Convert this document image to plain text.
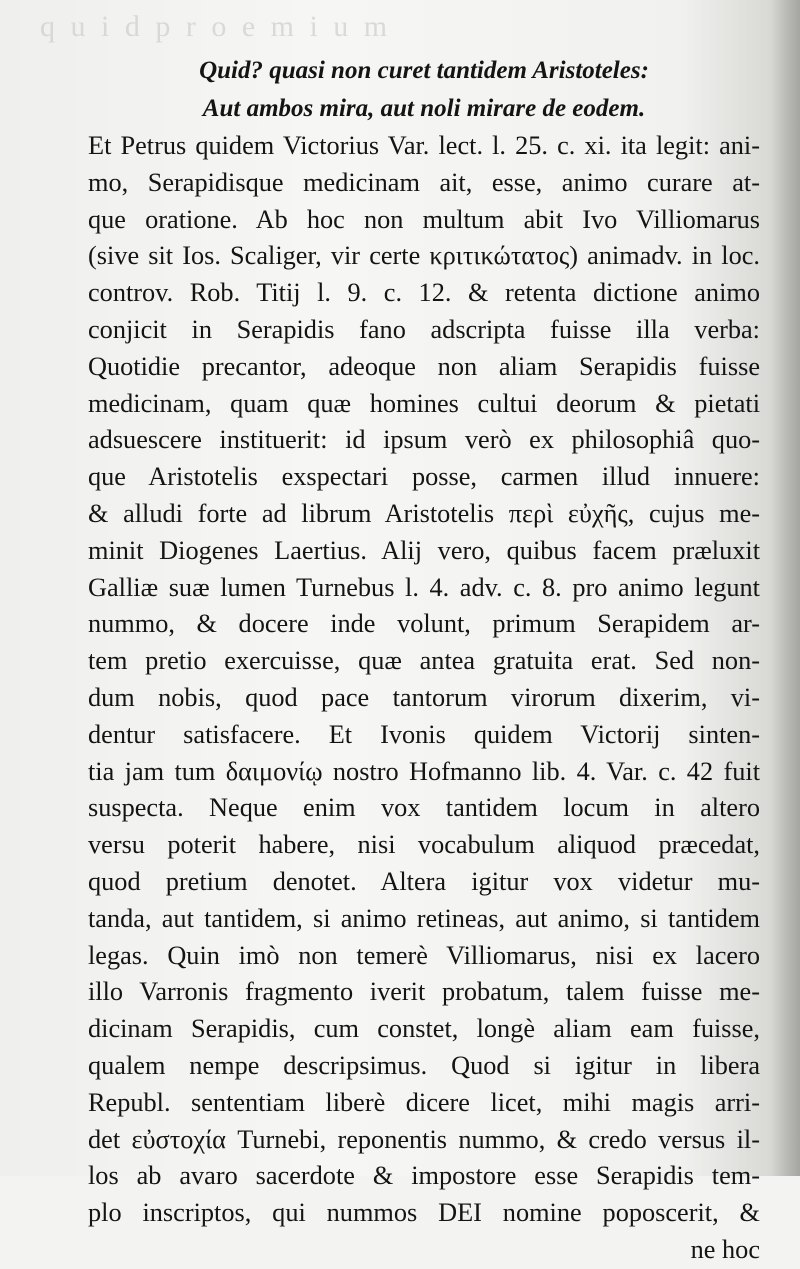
q u i d p r o e m i u m
Quid? quasi non curet tantidem Aristoteles:
Aut ambos mira, aut noli mirare de eodem.
Et Petrus quidem Victorius Var. lect. l. 25. c. xi. ita legit: ani-
mo, Serapidisque medicinam ait, esse, animo curare at-
que oratione. Ab hoc non multum abit Ivo Villiomarus
(sive sit Ios. Scaliger, vir certe κριτικώτατος) animadv. in loc.
controv. Rob. Titij l. 9. c. 12. & retenta dictione animo
conjicit in Serapidis fano adscripta fuisse illa verba:
Quotidie precantor, adeoque non aliam Serapidis fuisse
medicinam, quam quæ homines cultui deorum & pietati
adsuescere instituerit: id ipsum verò ex philosophiâ quo-
que Aristotelis exspectari posse, carmen illud innuere:
& alludi forte ad librum Aristotelis περὶ εὐχῆς, cujus me-
minit Diogenes Laertius. Alij vero, quibus facem præluxit
Galliæ suæ lumen Turnebus l. 4. adv. c. 8. pro animo legunt
nummo, & docere inde volunt, primum Serapidem ar-
tem pretio exercuisse, quæ antea gratuita erat. Sed non-
dum nobis, quod pace tantorum virorum dixerim, vi-
dentur satisfacere. Et Ivonis quidem Victorij sinten-
tia jam tum δαιμονίῳ nostro Hofmanno lib. 4. Var. c. 42 fuit
suspecta. Neque enim vox tantidem locum in altero
versu poterit habere, nisi vocabulum aliquod præcedat,
quod pretium denotet. Altera igitur vox videtur mu-
tanda, aut tantidem, si animo retineas, aut animo, si tantidem
legas. Quin imò non temerè Villiomarus, nisi ex lacero
illo Varronis fragmento iverit probatum, talem fuisse me-
dicinam Serapidis, cum constet, longè aliam eam fuisse,
qualem nempe descripsimus. Quod si igitur in libera
Republ. sententiam liberè dicere licet, mihi magis arri-
det εὐστοχία Turnebi, reponentis nummo, & credo versus il-
los ab avaro sacerdote & impostore esse Serapidis tem-
plo inscriptos, qui nummos DEI nomine poposcerit, &
ne hoc
